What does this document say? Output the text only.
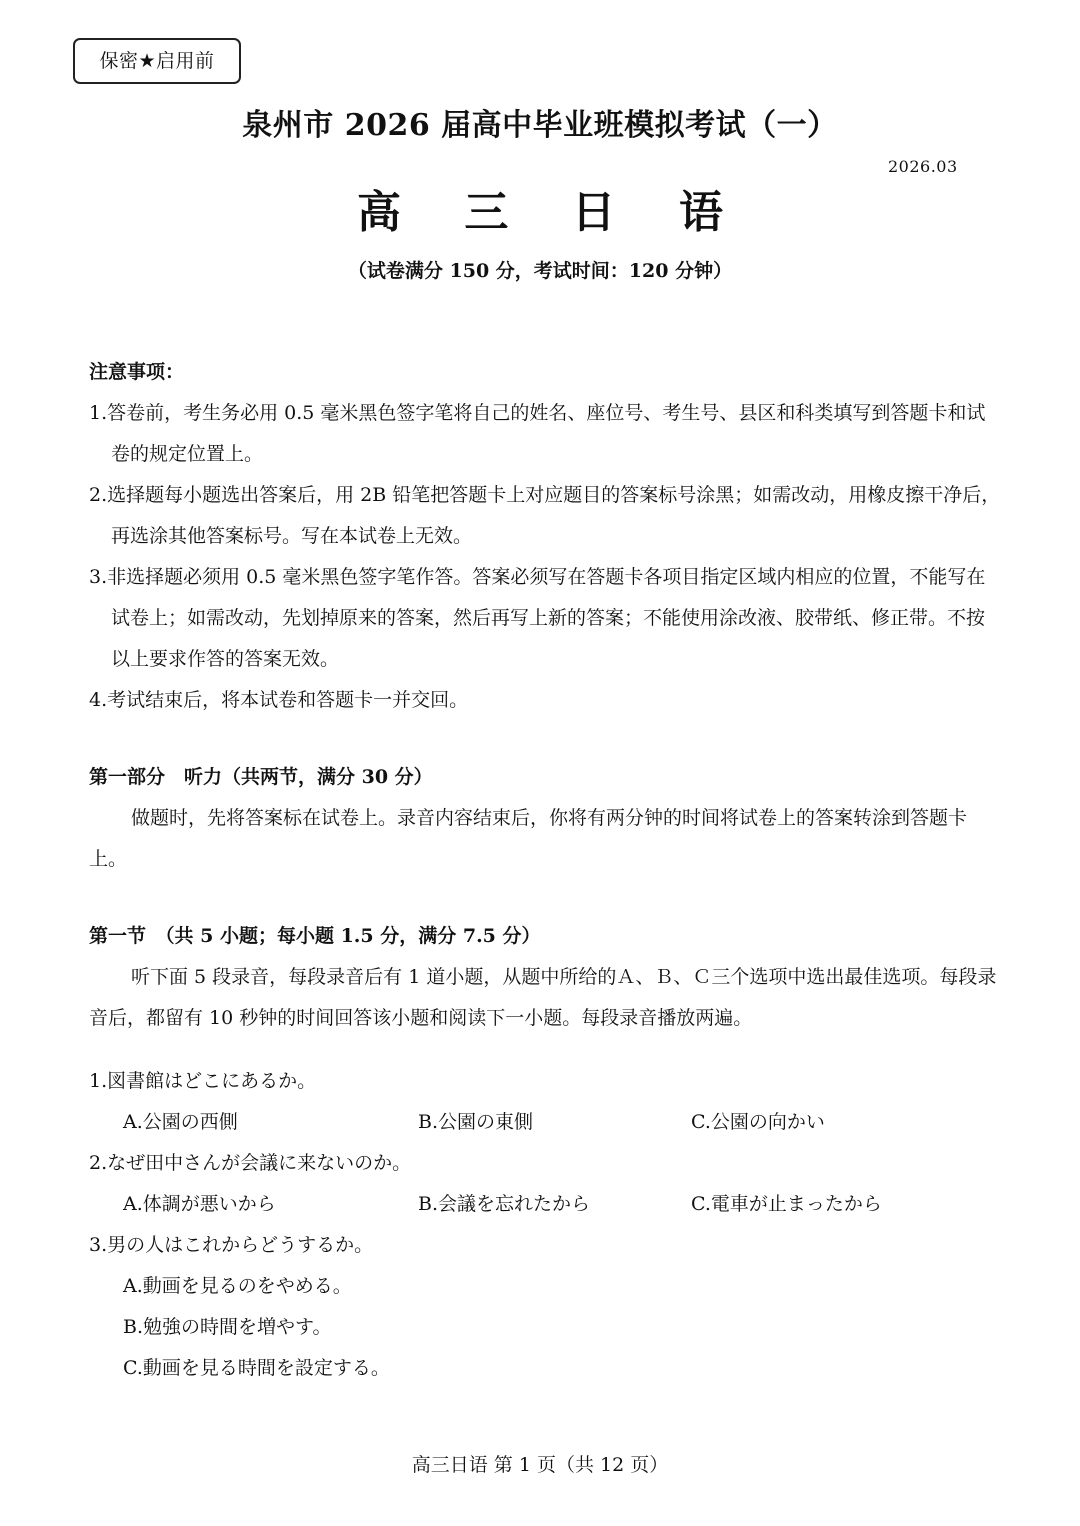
保密★启用前
泉州市 2026 届高中毕业班模拟考试（一）
2026.03
高 三 日 语
（试卷满分 150 分，考试时间：120 分钟）
注意事项：
1.答卷前，考生务必用 0.5 毫米黑色签字笔将自己的姓名、座位号、考生号、县区和科类填写到答题卡和试卷的规定位置上。
2.选择题每小题选出答案后，用 2B 铅笔把答题卡上对应题目的答案标号涂黑；如需改动，用橡皮擦干净后，再选涂其他答案标号。写在本试卷上无效。
3.非选择题必须用 0.5 毫米黑色签字笔作答。答案必须写在答题卡各项目指定区域内相应的位置，不能写在试卷上；如需改动，先划掉原来的答案，然后再写上新的答案；不能使用涂改液、胶带纸、修正带。不按以上要求作答的答案无效。
4.考试结束后，将本试卷和答题卡一并交回。
第一部分　听力（共两节，满分 30 分）
做题时，先将答案标在试卷上。录音内容结束后，你将有两分钟的时间将试卷上的答案转涂到答题卡上。
第一节　（共 5 小题；每小题 1.5 分，满分 7.5 分）
听下面 5 段录音，每段录音后有 1 道小题，从题中所给的Ａ、Ｂ、Ｃ三个选项中选出最佳选项。每段录音后，都留有 10 秒钟的时间回答该小题和阅读下一小题。每段录音播放两遍。
1.図書館はどこにあるか。
A.公園の西側	B.公園の東側	C.公園の向かい
2.なぜ田中さんが会議に来ないのか。
A.体調が悪いから	B.会議を忘れたから	C.電車が止まったから
3.男の人はこれからどうするか。
A.動画を見るのをやめる。
B.勉強の時間を増やす。
C.動画を見る時間を設定する。
高三日语 第 1 页（共 12 页）
